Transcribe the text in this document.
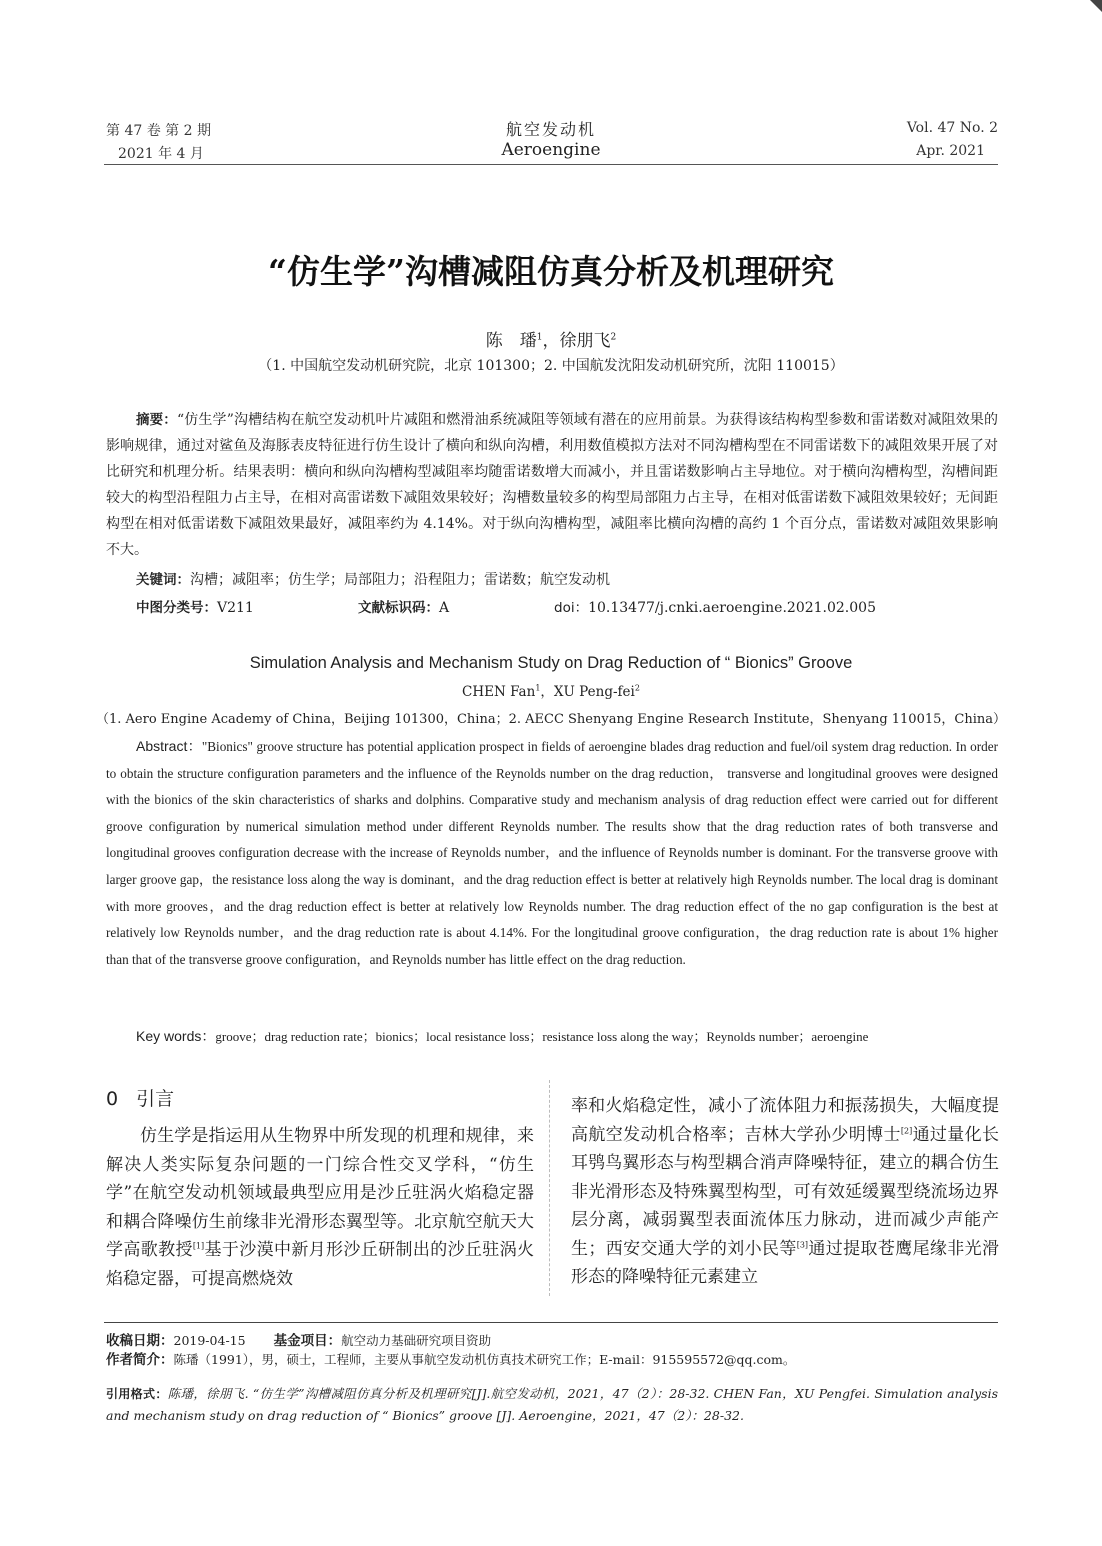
第 47 卷 第 2 期
2021 年 4 月
航空发动机
Aeroengine
Vol. 47 No. 2
Apr. 2021
“仿生学”沟槽减阻仿真分析及机理研究
陈　璠$^1$，徐朋飞$^2$
（1. 中国航空发动机研究院，北京 101300；2. 中国航发沈阳发动机研究所，沈阳 110015）
摘要：“仿生学”沟槽结构在航空发动机叶片减阻和燃滑油系统减阻等领域有潜在的应用前景。为获得该结构构型参数和雷诺数对减阻效果的影响规律，通过对鲨鱼及海豚表皮特征进行仿生设计了横向和纵向沟槽，利用数值模拟方法对不同沟槽构型在不同雷诺数下的减阻效果开展了对比研究和机理分析。结果表明：横向和纵向沟槽构型减阻率均随雷诺数增大而减小，并且雷诺数影响占主导地位。对于横向沟槽构型，沟槽间距较大的构型沿程阻力占主导，在相对高雷诺数下减阻效果较好；沟槽数量较多的构型局部阻力占主导，在相对低雷诺数下减阻效果较好；无间距构型在相对低雷诺数下减阻效果最好，减阻率约为 4.14%。对于纵向沟槽构型，减阻率比横向沟槽的高约 1 个百分点，雷诺数对减阻效果影响不大。
关键词：沟槽；减阻率；仿生学；局部阻力；沿程阻力；雷诺数；航空发动机
中图分类号：V211	文献标识码：A	doi：10.13477/j.cnki.aeroengine.2021.02.005
Simulation Analysis and Mechanism Study on Drag Reduction of “ Bionics” Groove
CHEN Fan$^1$，XU Peng-fei$^2$
（1. Aero Engine Academy of China，Beijing 101300，China；2. AECC Shenyang Engine Research Institute，Shenyang 110015，China）
Abstract："Bionics" groove structure has potential application prospect in fields of aeroengine blades drag reduction and fuel/oil system drag reduction. In order to obtain the structure configuration parameters and the influence of the Reynolds number on the drag reduction， transverse and longitudinal grooves were designed with the bionics of the skin characteristics of sharks and dolphins. Comparative study and mechanism analysis of drag reduction effect were carried out for different groove configuration by numerical simulation method under different Reynolds number. The results show that the drag reduction rates of both transverse and longitudinal grooves configuration decrease with the increase of Reynolds number，and the influence of Reynolds number is dominant. For the transverse groove with larger groove gap，the resistance loss along the way is dominant，and the drag reduction effect is better at relatively high Reynolds number. The local drag is dominant with more grooves，and the drag reduction effect is better at relatively low Reynolds number. The drag reduction effect of the no gap configuration is the best at relatively low Reynolds number，and the drag reduction rate is about 4.14%. For the longitudinal groove configuration，the drag reduction rate is about 1% higher than that of the transverse groove configuration，and Reynolds number has little effect on the drag reduction.
Key words：groove；drag reduction rate；bionics；local resistance loss；resistance loss along the way；Reynolds number；aeroengine
0 引言
仿生学是指运用从生物界中所发现的机理和规律，来解决人类实际复杂问题的一门综合性交叉学科，“仿生学”在航空发动机领域最典型应用是沙丘驻涡火焰稳定器和耦合降噪仿生前缘非光滑形态翼型等。北京航空航天大学高歌教授[1]基于沙漠中新月形沙丘研制出的沙丘驻涡火焰稳定器，可提高燃烧效
率和火焰稳定性，减小了流体阻力和振荡损失，大幅度提高航空发动机合格率；吉林大学孙少明博士[2]通过量化长耳鸮鸟翼形态与构型耦合消声降噪特征，建立的耦合仿生非光滑形态及特殊翼型构型，可有效延缓翼型绕流场边界层分离，减弱翼型表面流体压力脉动，进而减少声能产生；西安交通大学的刘小民等[3]通过提取苍鹰尾缘非光滑形态的降噪特征元素建立
收稿日期：2019-04-15 基金项目：航空动力基础研究项目资助
作者简介：陈璠（1991），男，硕士，工程师，主要从事航空发动机仿真技术研究工作；E-mail：915595572@qq.com。
引用格式：陈璠，徐朋飞. “仿生学”沟槽减阻仿真分析及机理研究[J].航空发动机，2021，47（2）：28-32. CHEN Fan，XU Pengfei. Simulation analysis and mechanism study on drag reduction of “ Bionics” groove [J]. Aeroengine，2021，47（2）：28-32.
